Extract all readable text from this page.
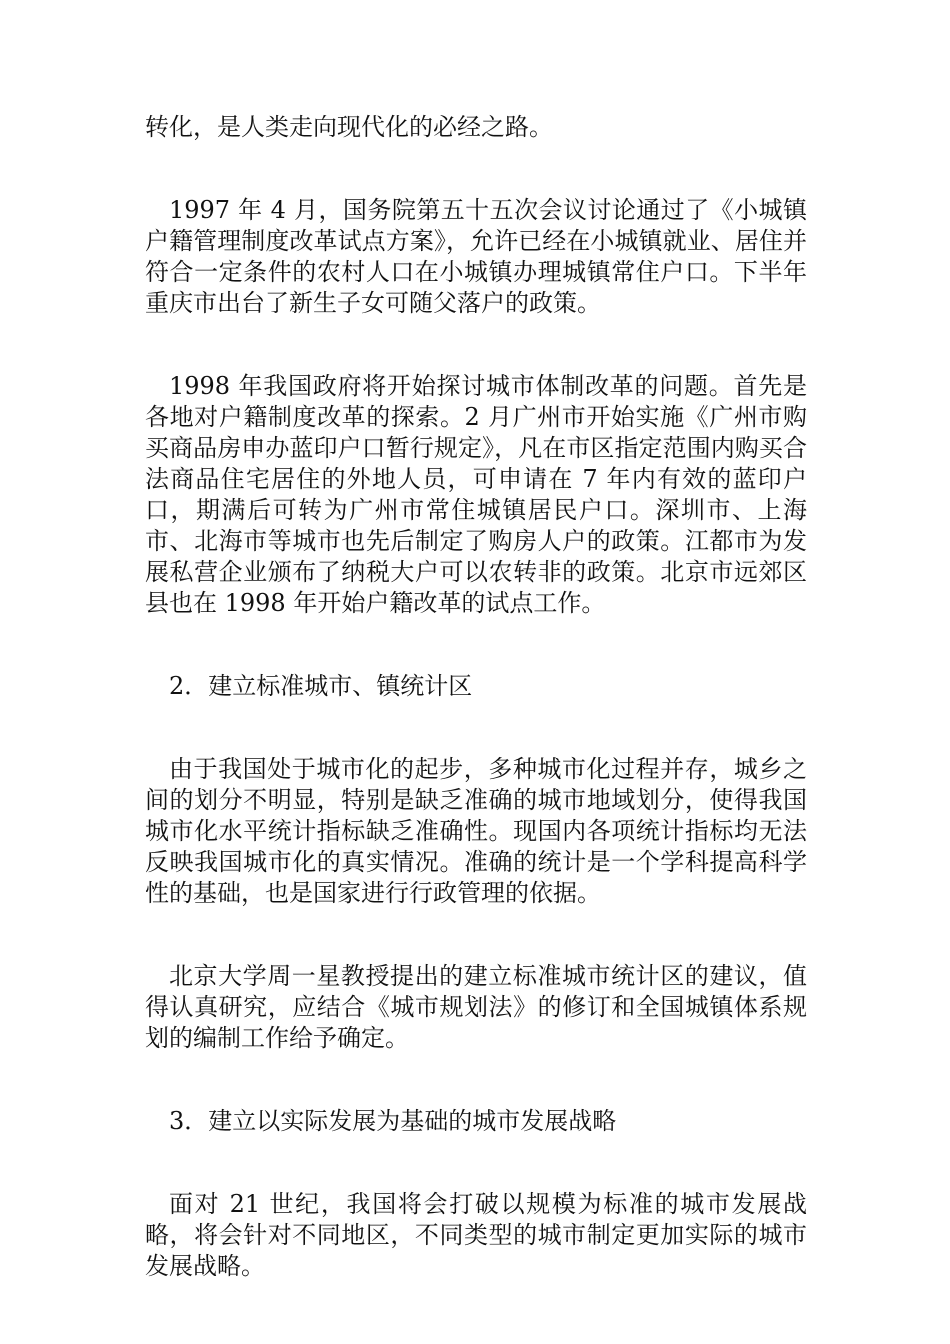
转化，是人类走向现代化的必经之路。

1997 年 4 月，国务院第五十五次会议讨论通过了《小城镇户籍管理制度改革试点方案》，允许已经在小城镇就业、居住并符合一定条件的农村人口在小城镇办理城镇常住户口。下半年重庆市出台了新生子女可随父落户的政策。

1998 年我国政府将开始探讨城市体制改革的问题。首先是各地对户籍制度改革的探索。2 月广州市开始实施《广州市购买商品房申办蓝印户口暂行规定》，凡在市区指定范围内购买合法商品住宅居住的外地人员，可申请在 7 年内有效的蓝印户口，期满后可转为广州市常住城镇居民户口。深圳市、上海市、北海市等城市也先后制定了购房人户的政策。江都市为发展私营企业颁布了纳税大户可以农转非的政策。北京市远郊区县也在 1998 年开始户籍改革的试点工作。

2．建立标准城市、镇统计区

由于我国处于城市化的起步，多种城市化过程并存，城乡之间的划分不明显，特别是缺乏准确的城市地域划分，使得我国城市化水平统计指标缺乏准确性。现国内各项统计指标均无法反映我国城市化的真实情况。准确的统计是一个学科提高科学性的基础，也是国家进行行政管理的依据。

北京大学周一星教授提出的建立标准城市统计区的建议，值得认真研究，应结合《城市规划法》的修订和全国城镇体系规划的编制工作给予确定。

3．建立以实际发展为基础的城市发展战略

面对 21 世纪，我国将会打破以规模为标准的城市发展战略，将会针对不同地区，不同类型的城市制定更加实际的城市发展战略。
